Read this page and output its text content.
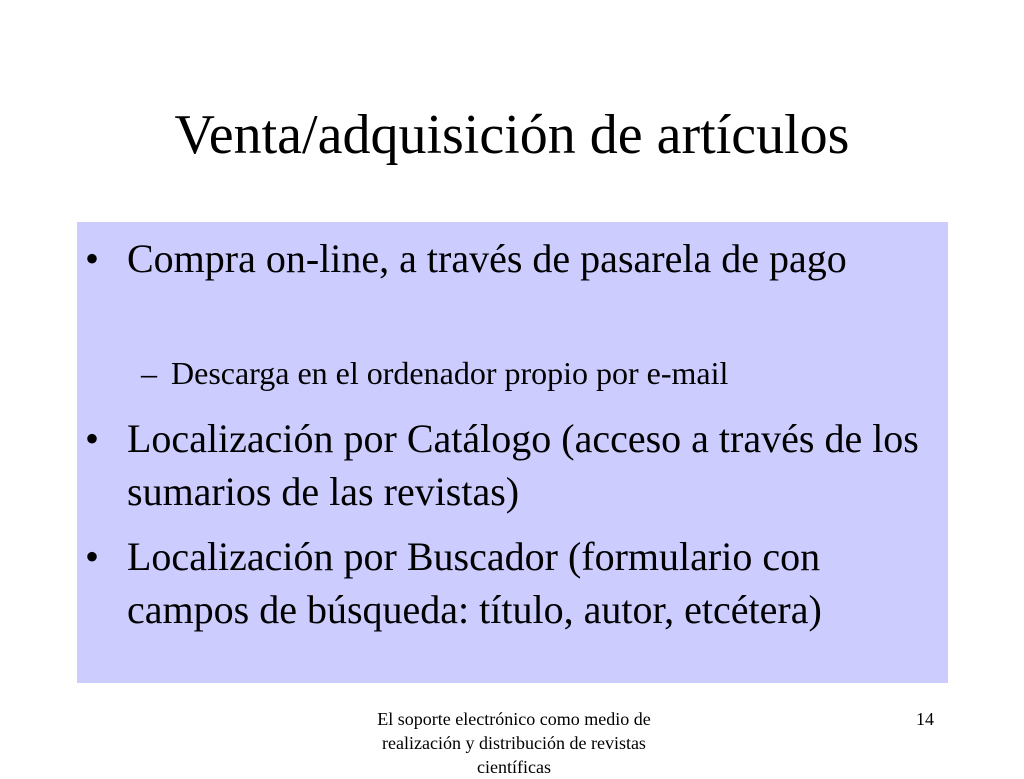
Venta/adquisición de artículos
• Compra on-line, a través de pasarela de pago
– Descarga en el ordenador propio por e-mail
• Localización por Catálogo (acceso a través de los sumarios de las revistas)
• Localización por Buscador (formulario con campos de búsqueda: título, autor, etcétera)
El soporte electrónico como medio de realización y distribución de revistas científicas
14
